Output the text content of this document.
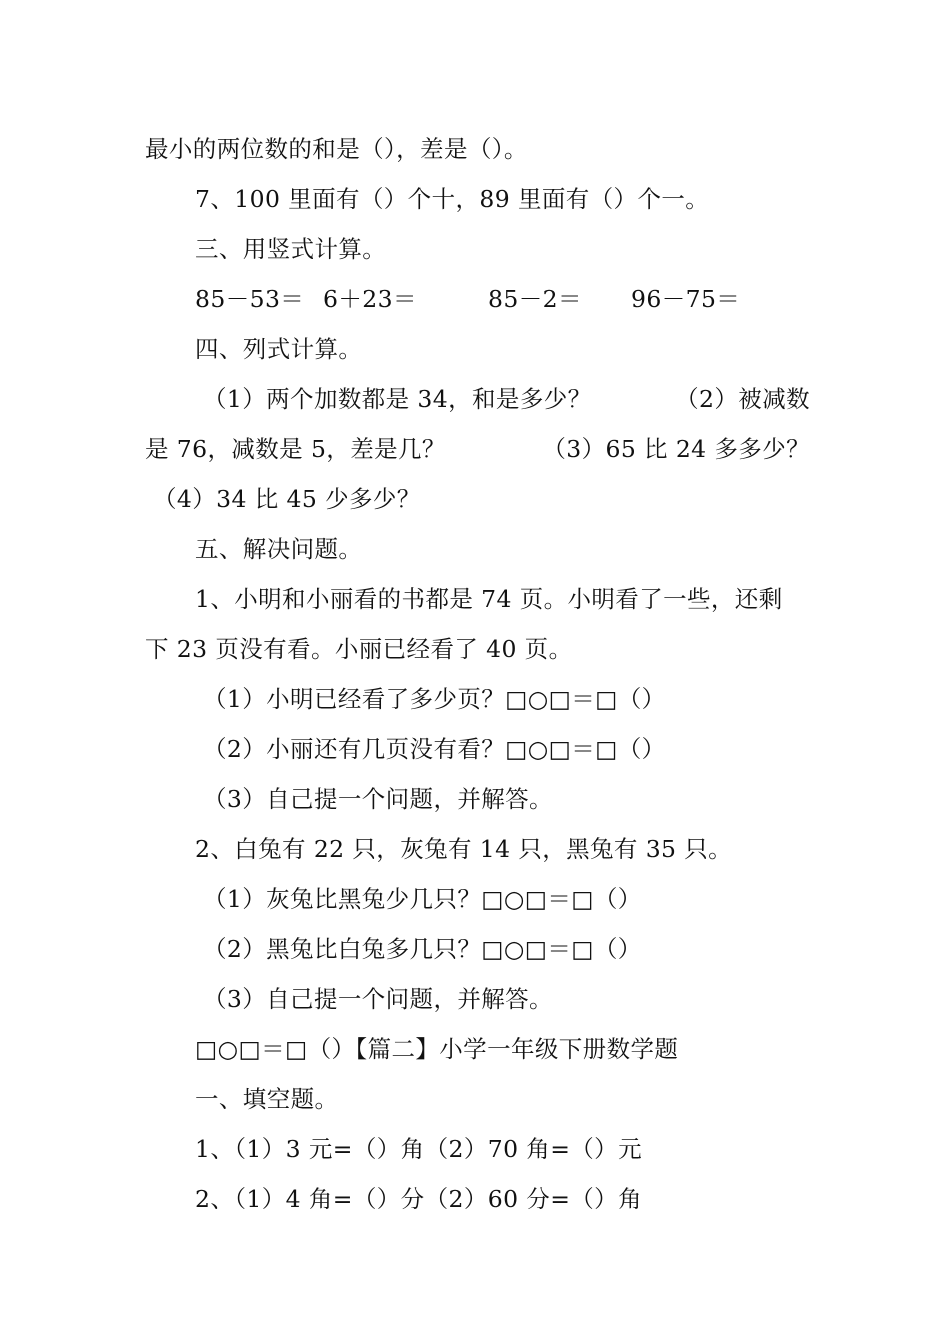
最小的两位数的和是（），差是（）。
7、100 里面有（）个十，89 里面有（）个一。
三、用竖式计算。
85－53＝ 6＋23＝	85－2＝	96－75＝
四、列式计算。
（1）两个加数都是 34，和是多少？	（2）被减数
是 76，减数是 5，差是几？	（3）65 比 24 多多少？
（4）34 比 45 少多少？
五、解决问题。
1、小明和小丽看的书都是 74 页。小明看了一些，还剩
下 23 页没有看。小丽已经看了 40 页。
（1）小明已经看了多少页？□○□＝□（）
（2）小丽还有几页没有看？□○□＝□（）
（3）自己提一个问题，并解答。
2、白兔有 22 只，灰兔有 14 只，黑兔有 35 只。
（1）灰兔比黑兔少几只？□○□＝□（）
（2）黑兔比白兔多几只？□○□＝□（）
（3）自己提一个问题，并解答。
□○□＝□（）【篇二】小学一年级下册数学题
一、填空题。
1、（1）3 元=（）角（2）70 角=（）元
2、（1）4 角=（）分（2）60 分=（）角
